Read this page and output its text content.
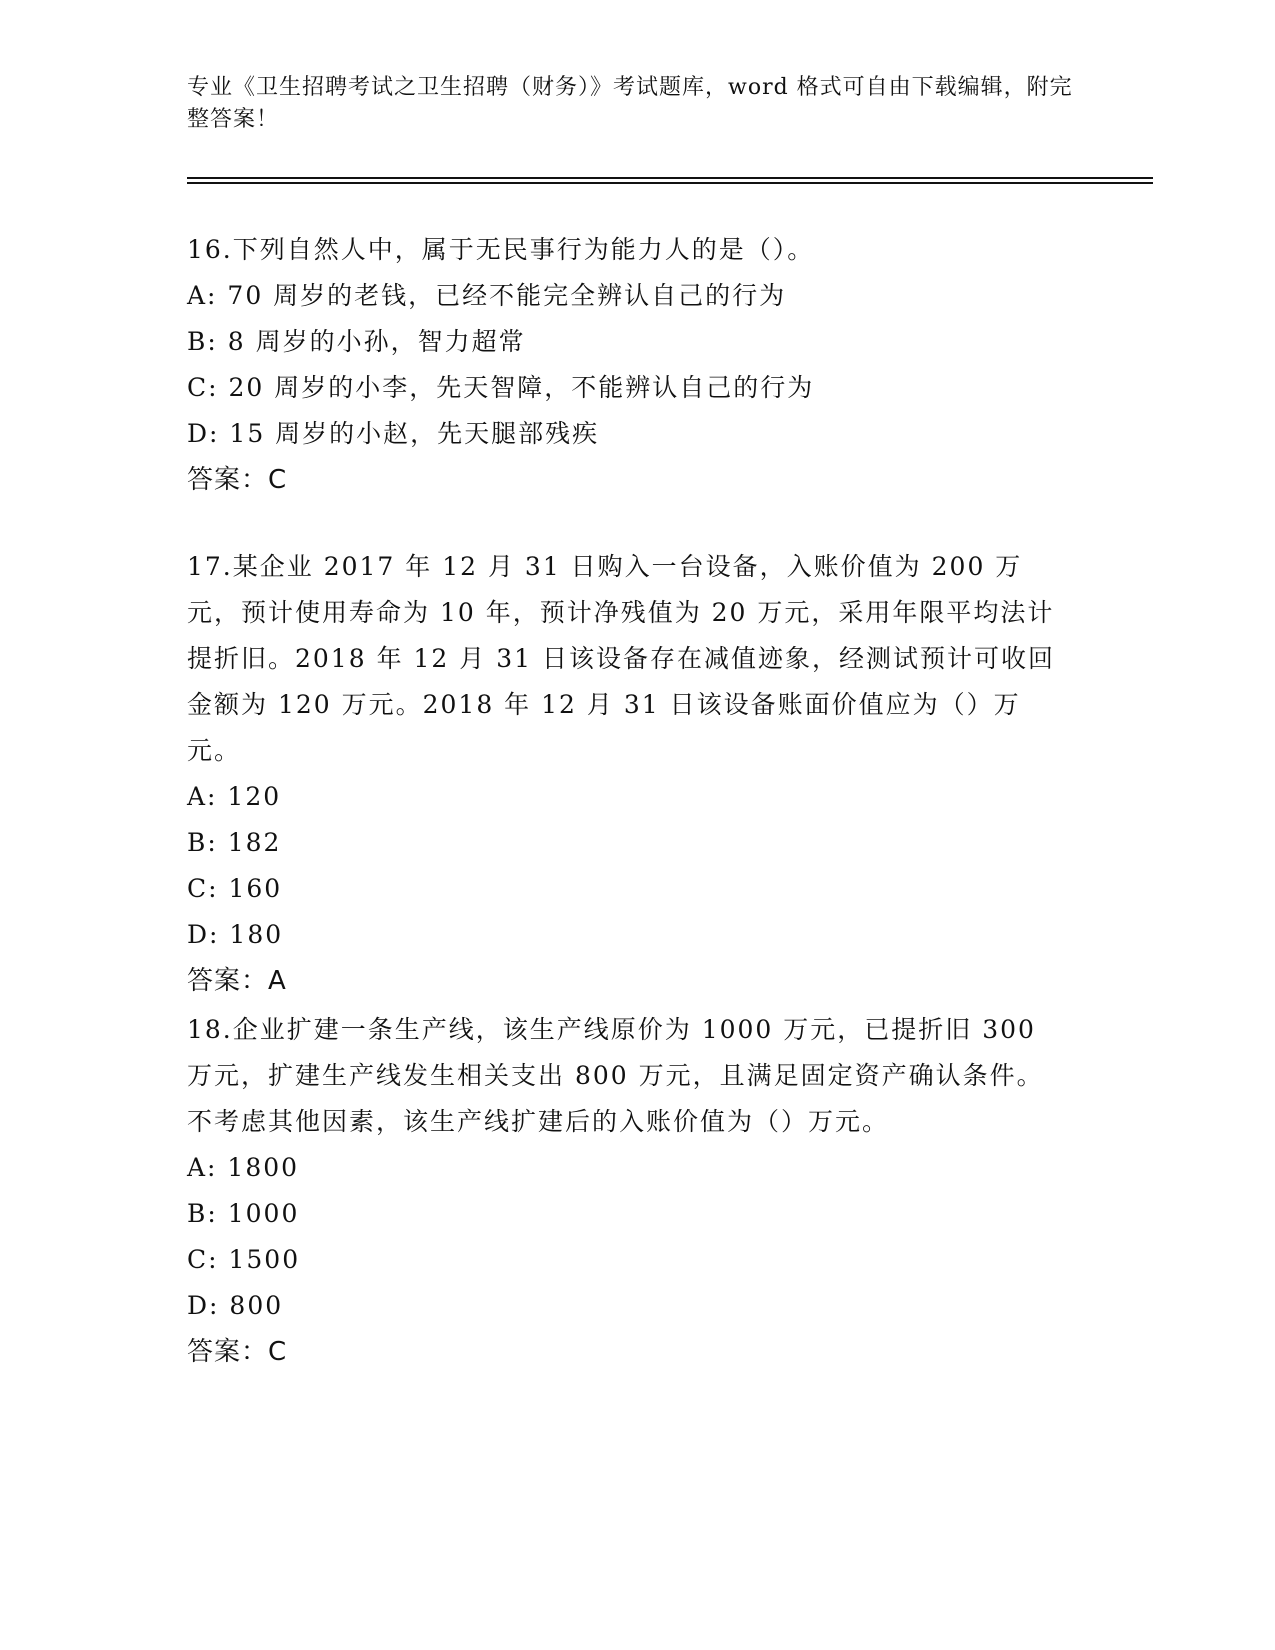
专业《卫生招聘考试之卫生招聘（财务）》考试题库，word 格式可自由下载编辑，附完整答案！
16.下列自然人中，属于无民事行为能力人的是（）。
A: 70 周岁的老钱，已经不能完全辨认自己的行为
B: 8 周岁的小孙，智力超常
C: 20 周岁的小李，先天智障，不能辨认自己的行为
D: 15 周岁的小赵，先天腿部残疾
答案：C
17.某企业 2017 年 12 月 31 日购入一台设备，入账价值为 200 万元，预计使用寿命为 10 年，预计净残值为 20 万元，采用年限平均法计提折旧。2018 年 12 月 31 日该设备存在减值迹象，经测试预计可收回金额为 120 万元。2018 年 12 月 31 日该设备账面价值应为（）万元。
A: 120
B: 182
C: 160
D: 180
答案：A
18.企业扩建一条生产线，该生产线原价为 1000 万元，已提折旧 300 万元，扩建生产线发生相关支出 800 万元，且满足固定资产确认条件。不考虑其他因素，该生产线扩建后的入账价值为（）万元。
A: 1800
B: 1000
C: 1500
D: 800
答案：C
